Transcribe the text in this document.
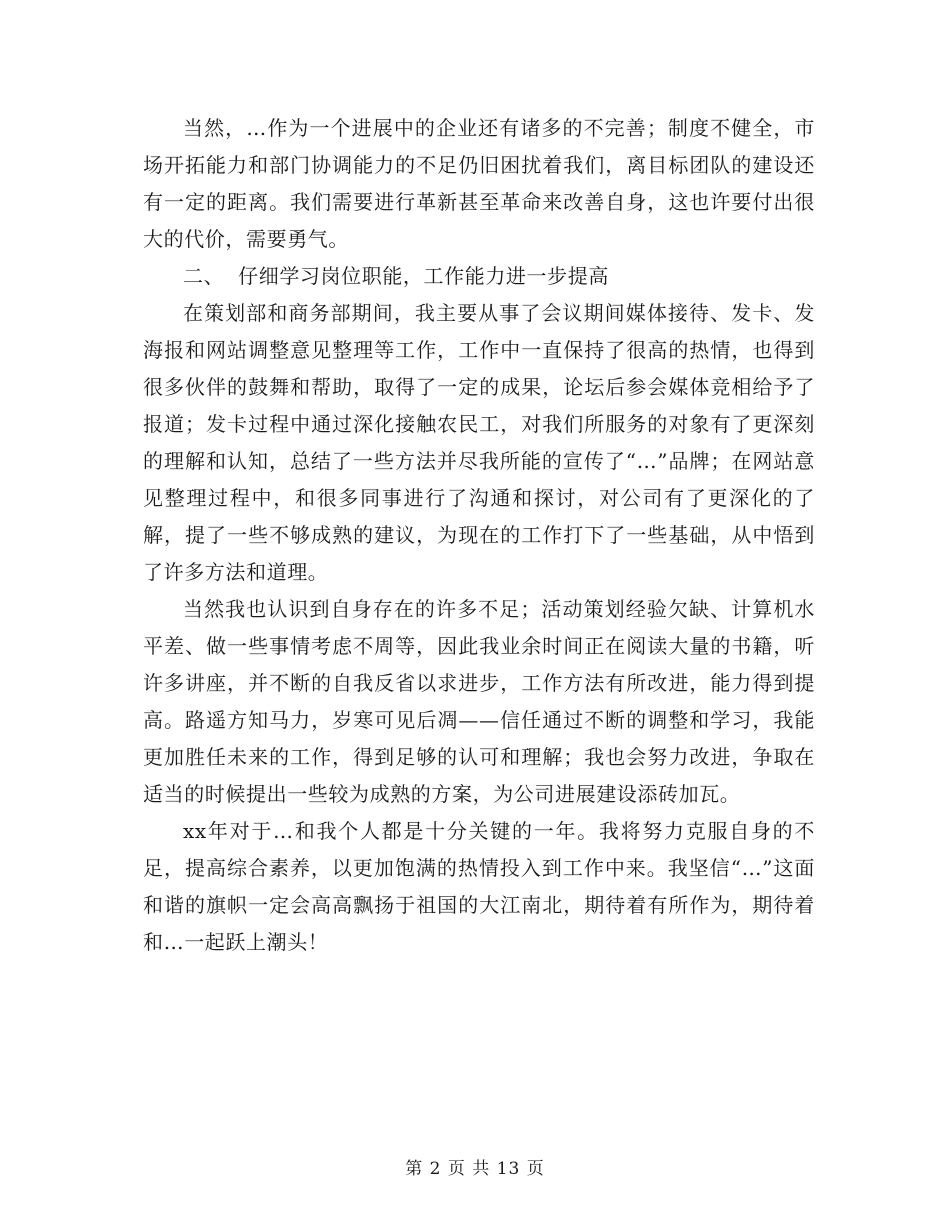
当然，…作为一个进展中的企业还有诸多的不完善；制度不健全，市场开拓能力和部门协调能力的不足仍旧困扰着我们，离目标团队的建设还有一定的距离。我们需要进行革新甚至革命来改善自身，这也许要付出很大的代价，需要勇气。

二、  仔细学习岗位职能，工作能力进一步提高

在策划部和商务部期间，我主要从事了会议期间媒体接待、发卡、发海报和网站调整意见整理等工作，工作中一直保持了很高的热情，也得到很多伙伴的鼓舞和帮助，取得了一定的成果，论坛后参会媒体竞相给予了报道；发卡过程中通过深化接触农民工，对我们所服务的对象有了更深刻的理解和认知，总结了一些方法并尽我所能的宣传了“…”品牌；在网站意见整理过程中，和很多同事进行了沟通和探讨，对公司有了更深化的了解，提了一些不够成熟的建议，为现在的工作打下了一些基础，从中悟到了许多方法和道理。

当然我也认识到自身存在的许多不足；活动策划经验欠缺、计算机水平差、做一些事情考虑不周等，因此我业余时间正在阅读大量的书籍，听许多讲座，并不断的自我反省以求进步，工作方法有所改进，能力得到提高。路遥方知马力，岁寒可见后凋——信任通过不断的调整和学习，我能更加胜任未来的工作，得到足够的认可和理解；我也会努力改进，争取在适当的时候提出一些较为成熟的方案，为公司进展建设添砖加瓦。

xx年对于…和我个人都是十分关键的一年。我将努力克服自身的不足，提高综合素养，以更加饱满的热情投入到工作中来。我坚信“…”这面和谐的旗帜一定会高高飘扬于祖国的大江南北，期待着有所作为，期待着和…一起跃上潮头！

第 2 页 共 13 页
